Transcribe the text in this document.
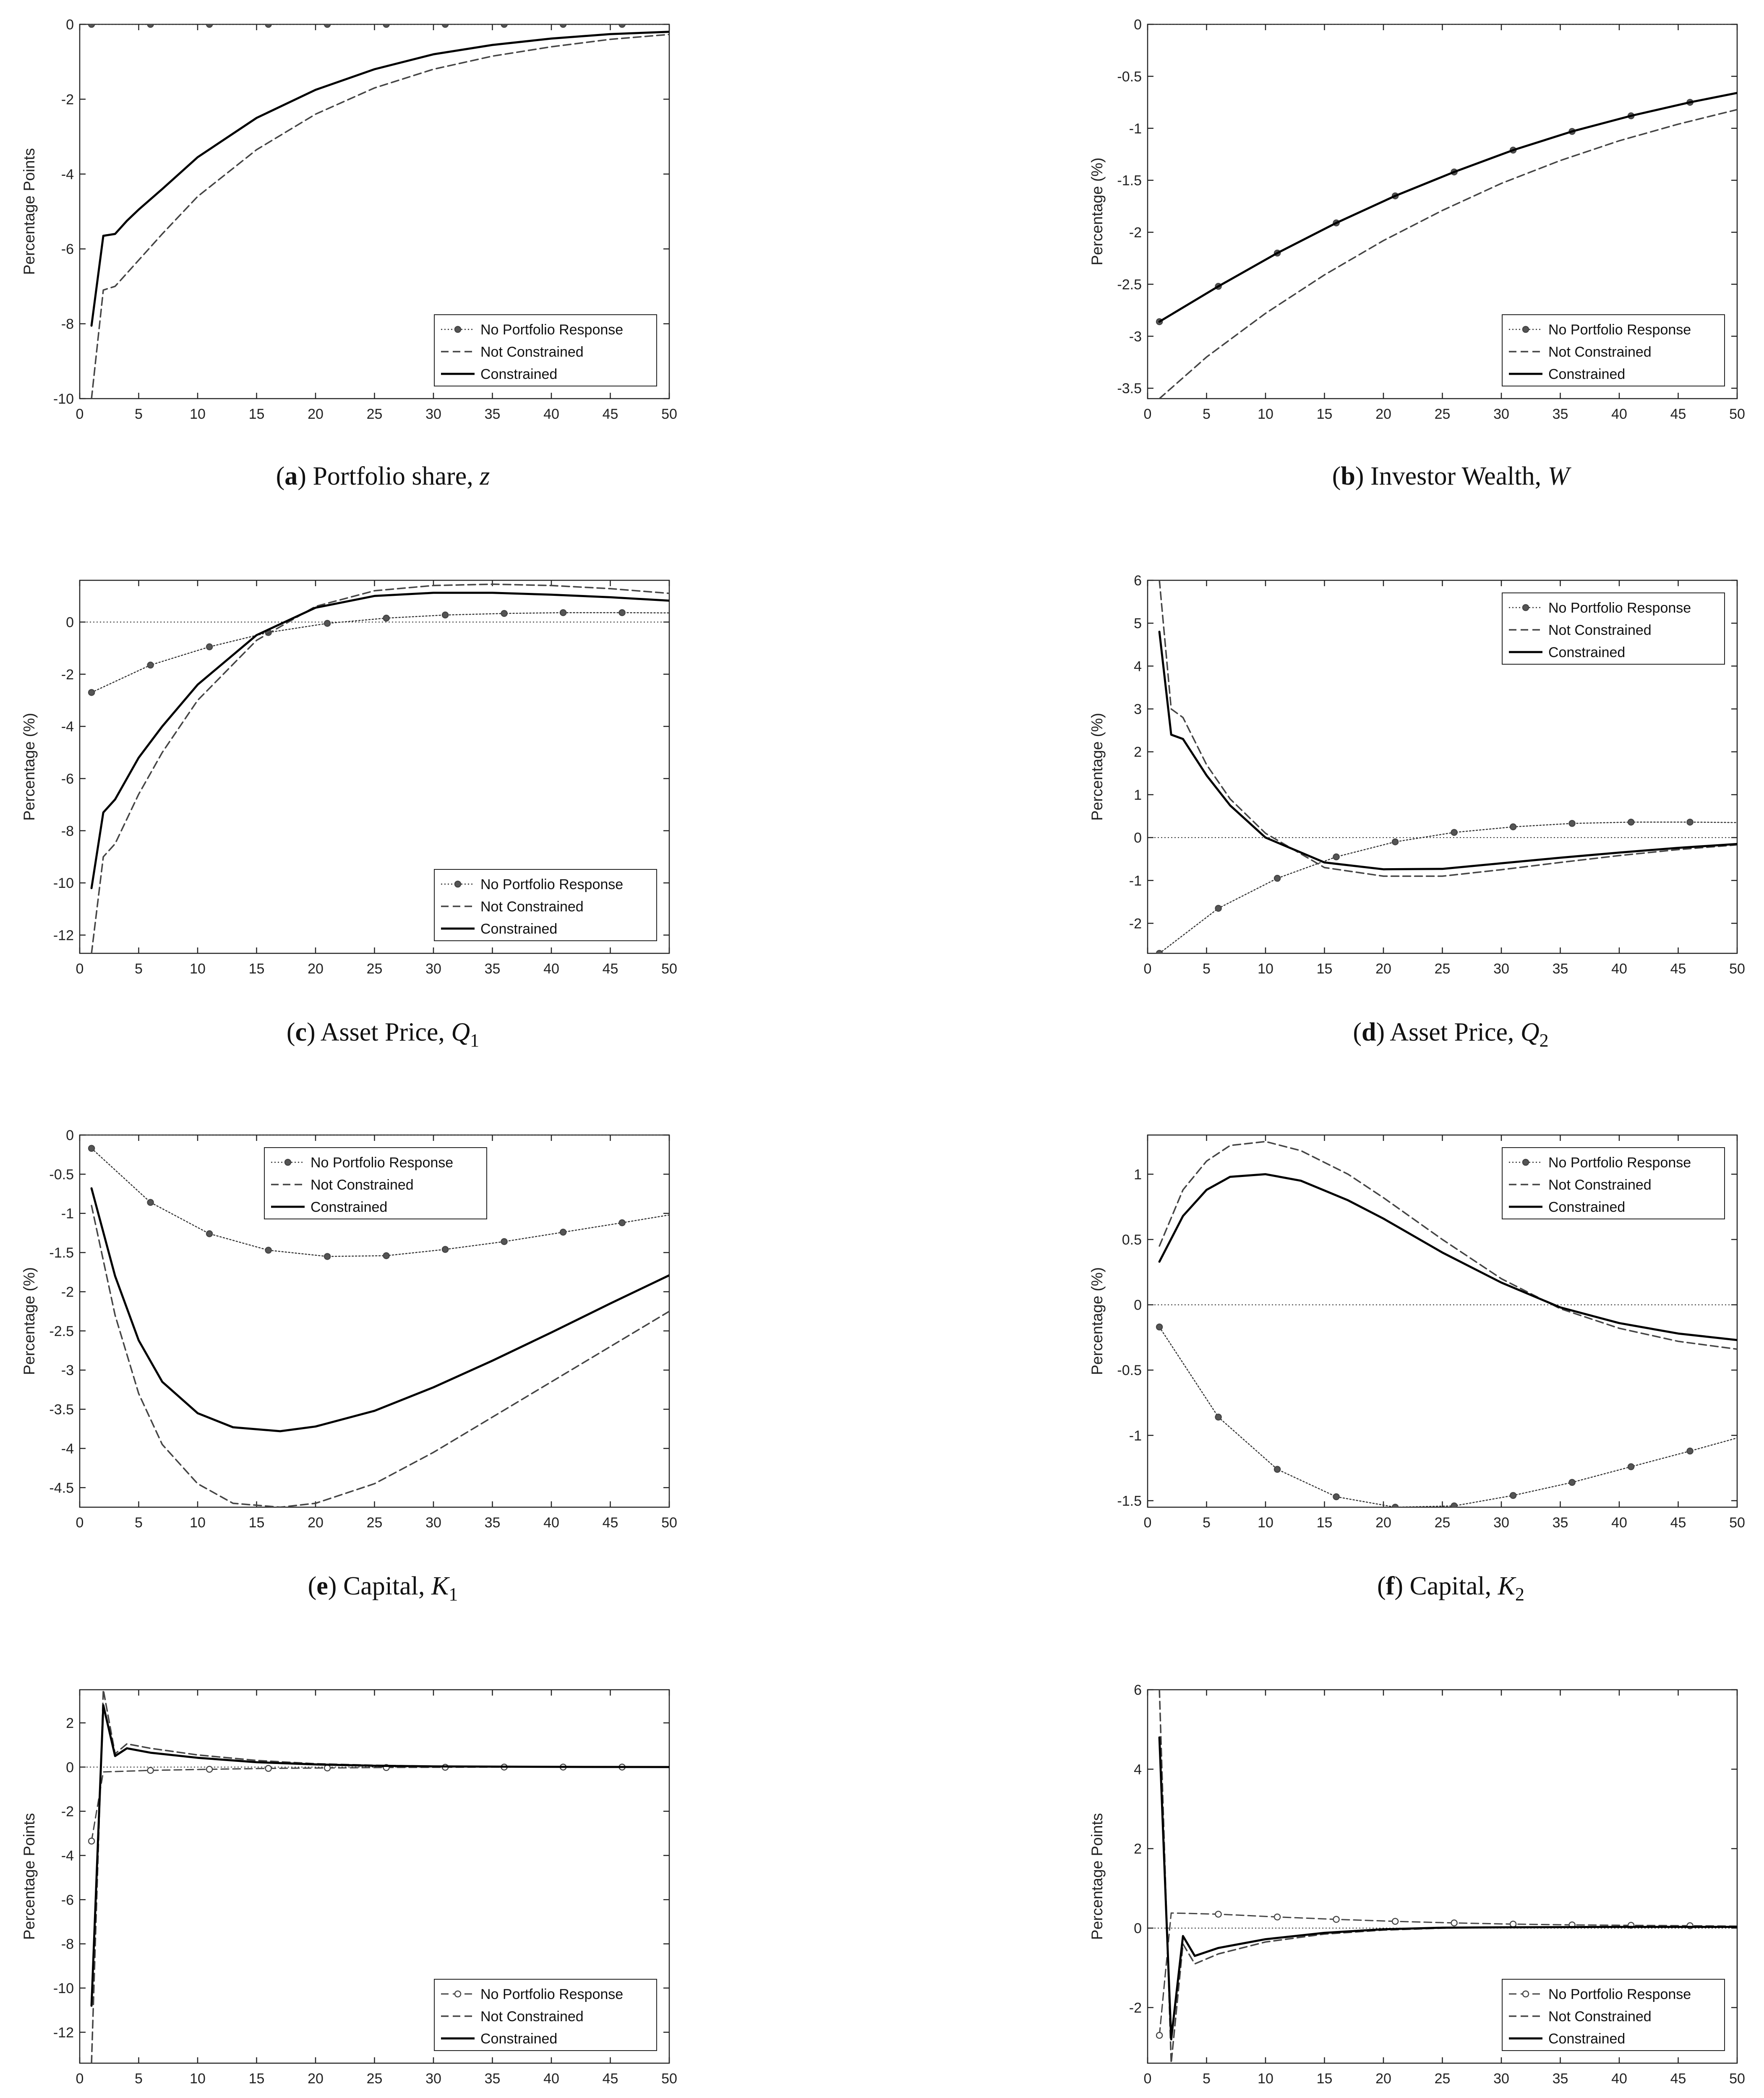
0	5	10	15	20	25	30	35	40	45	50
0
-2
-4
-6
-8
-10
Percentage Points
No Portfolio Response
Not Constrained
Constrained
(a) Portfolio share, z
0	5	10	15	20	25	30	35	40	45	50
0
-0.5
-1
-1.5
-2
-2.5
-3
-3.5
Percentage (%)
No Portfolio Response
Not Constrained
Constrained
(b) Investor Wealth, W
0	5	10	15	20	25	30	35	40	45	50
0
-2
-4
-6
-8
-10
-12
Percentage (%)
No Portfolio Response
Not Constrained
Constrained
(c) Asset Price, $Q_1$
0	5	10	15	20	25	30	35	40	45	50
6
5
4
3
2
1
0
-1
-2
Percentage (%)
No Portfolio Response
Not Constrained
Constrained
(d) Asset Price, $Q_2$
0	5	10	15	20	25	30	35	40	45	50
0
-0.5
-1
-1.5
-2
-2.5
-3
-3.5
-4
-4.5
Percentage (%)
No Portfolio Response
Not Constrained
Constrained
(e) Capital, $K_1$
0	5	10	15	20	25	30	35	40	45	50
1
0.5
0
-0.5
-1
-1.5
Percentage (%)
No Portfolio Response
Not Constrained
Constrained
(f) Capital, $K_2$
0	5	10	15	20	25	30	35	40	45	50
2
0
-2
-4
-6
-8
-10
-12
Percentage Points
No Portfolio Response
Not Constrained
Constrained
0	5	10	15	20	25	30	35	40	45	50
6
4
2
0
-2
Percentage Points
No Portfolio Response
Not Constrained
Constrained
